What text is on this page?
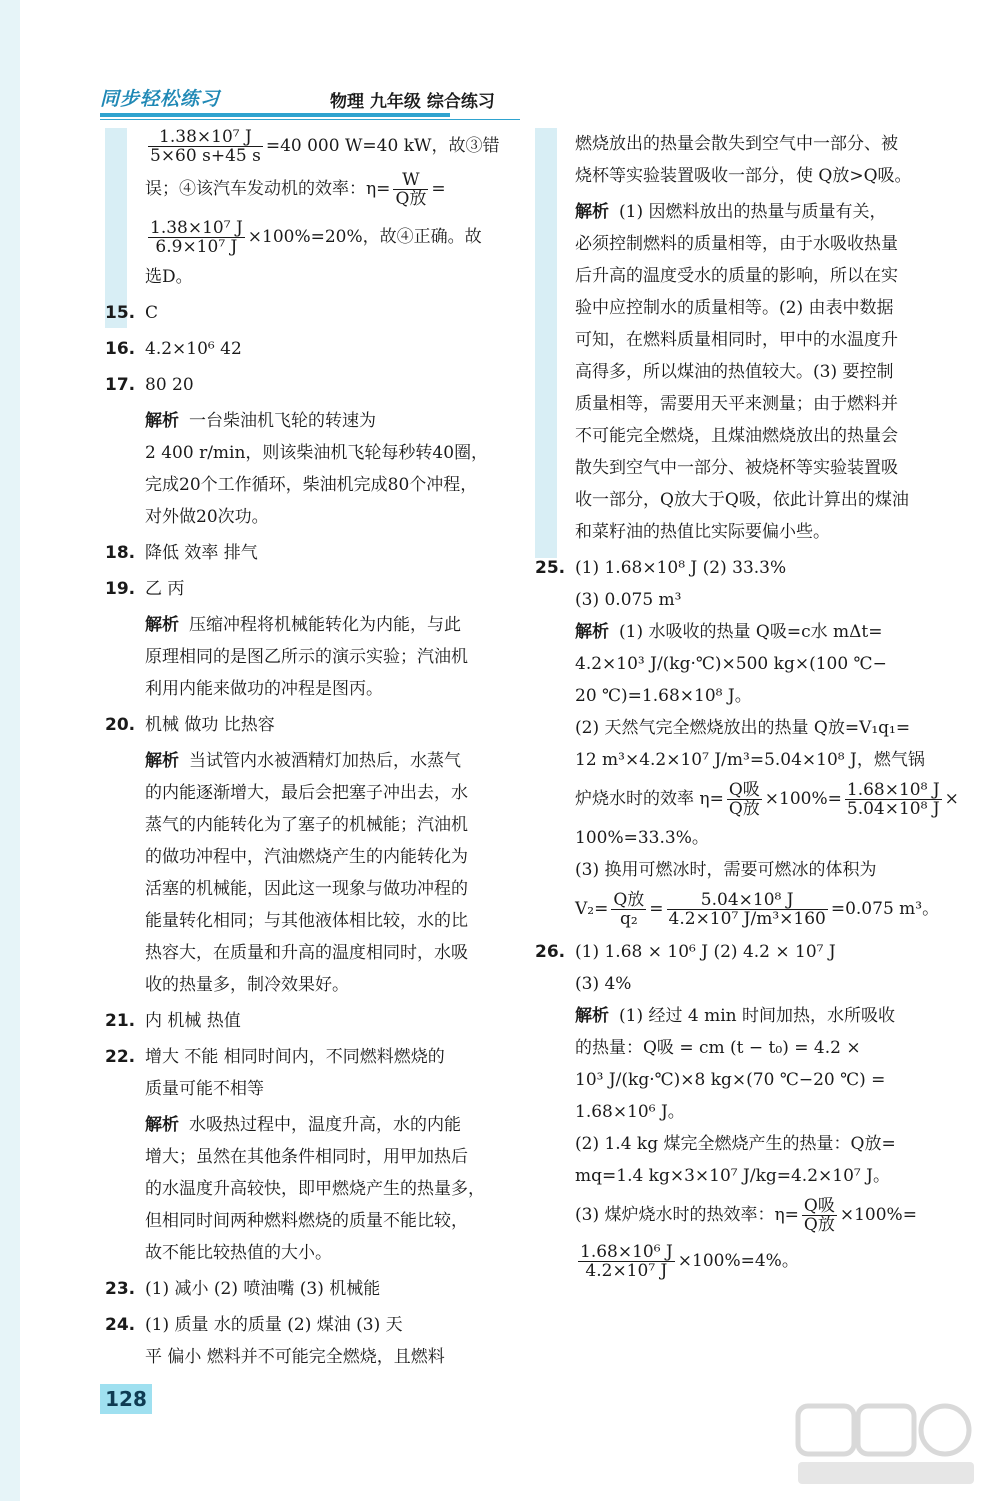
同步轻松练习	物理 九年级 综合练习
$\frac{\text{1.38×10⁷ J}}{5\times 60 s+45 s} =40$ 000 W=40 kW，故③错
误；④该汽车发动机的效率：$\eta= \frac{W}{\text{Q放}}$ =
$\frac{\text{1.38×10⁷ J}}{\text{6.9×10⁷ J}} \times 100\%=20\%$，故④正确。故
选D。
15. C
16. 4.2×10⁶ 42
17. 80 20
解析 一台柴油机飞轮的转速为
2 400 r/min，则该柴油机飞轮每秒转40圈，
完成20个工作循环，柴油机完成80个冲程，
对外做20次功。
18. 降低 效率 排气
19. 乙 丙
解析 压缩冲程将机械能转化为内能，与此
原理相同的是图乙所示的演示实验；汽油机
利用内能来做功的冲程是图丙。
20. 机械 做功 比热容
解析 当试管内水被酒精灯加热后，水蒸气
的内能逐渐增大，最后会把塞子冲出去，水
蒸气的内能转化为了塞子的机械能；汽油机
的做功冲程中，汽油燃烧产生的内能转化为
活塞的机械能，因此这一现象与做功冲程的
能量转化相同；与其他液体相比较，水的比
热容大，在质量和升高的温度相同时，水吸
收的热量多，制冷效果好。
21. 内 机械 热值
22. 增大 不能 相同时间内，不同燃料燃烧的
质量可能不相等
解析 水吸热过程中，温度升高，水的内能
增大；虽然在其他条件相同时，用甲加热后
的水温度升高较快，即甲燃烧产生的热量多，
但相同时间两种燃料燃烧的质量不能比较，
故不能比较热值的大小。
23. (1) 减小 (2) 喷油嘴 (3) 机械能
24. (1) 质量 水的质量 (2) 煤油 (3) 天
平 偏小 燃料并不可能完全燃烧，且燃料
燃烧放出的热量会散失到空气中一部分、被
烧杯等实验装置吸收一部分，使 Q放>Q吸。
解析 (1) 因燃料放出的热量与质量有关，
必须控制燃料的质量相等，由于水吸收热量
后升高的温度受水的质量的影响，所以在实
验中应控制水的质量相等。(2) 由表中数据
可知，在燃料质量相同时，甲中的水温度升
高得多，所以煤油的热值较大。(3) 要控制
质量相等，需要用天平来测量；由于燃料并
不可能完全燃烧，且煤油燃烧放出的热量会
散失到空气中一部分、被烧杯等实验装置吸
收一部分，Q放大于Q吸，依此计算出的煤油
和菜籽油的热值比实际要偏小些。
25. (1) 1.68×10⁸ J (2) 33.3%
(3) 0.075 m³
解析 (1) 水吸收的热量 Q吸=c水 mΔt=
4.2×10³ J/(kg·℃)×500 kg×(100 ℃−
20 ℃)=1.68×10⁸ J。
(2) 天然气完全燃烧放出的热量 Q放=V₁q₁=
12 m³×4.2×10⁷ J/m³=5.04×10⁸ J，燃气锅
炉烧水时的效率 $\eta= \frac{\text{Q吸}}{\text{Q放}} \times 100\%= \frac{\text{1.68×10⁸ J}}{\text{5.04×10⁸ J}}$ ×
100%=33.3%。
(3) 换用可燃冰时，需要可燃冰的体积为
$V_2= \frac{\text{Q放}}{\text{q₂}} = \frac{\text{5.04×10⁸ J}}{\text{4.2×10⁷ J/m³×160}} =0.075$ m³。
26. (1) 1.68 × 10⁶ J (2) 4.2 × 10⁷ J
(3) 4%
解析 (1) 经过 4 min 时间加热，水所吸收
的热量：Q吸 = cm (t − t₀) = 4.2 ×
10³ J/(kg·℃)×8 kg×(70 ℃−20 ℃) =
1.68×10⁶ J。
(2) 1.4 kg 煤完全燃烧产生的热量：Q放=
mq=1.4 kg×3×10⁷ J/kg=4.2×10⁷ J。
(3) 煤炉烧水时的热效率：$\eta= \frac{\text{Q吸}}{\text{Q放}} \times 100\%=$
$\frac{\text{1.68×10⁶ J}}{\text{4.2×10⁷ J}} \times 100\%=4\%$。
128
